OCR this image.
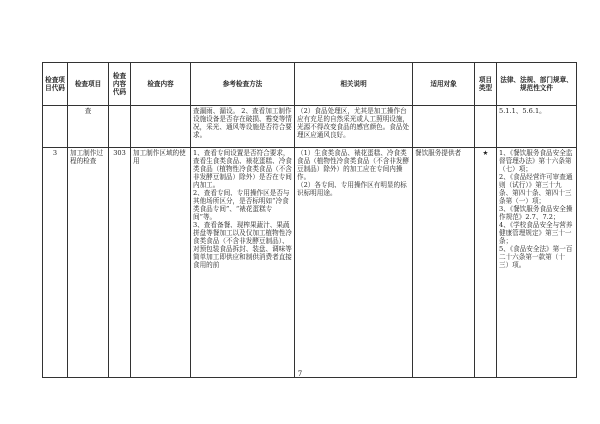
检查项目代码	检查项目	检查内容代码	检查内容	参考检查方法	相关说明	适用对象	项目类型	法律、法规、部门规章、规范性文件
	查			查漏雨、漏设。 2、查看加工制作设施设备是否存在破损、霉变等情况，采光、通风等设施是否符合要求。	（2）食品处理区，尤其是加工操作台应有充足的自然采光或人工照明设施，光源不得改变食品的感官颜色。食品处理区应通风良好。			5.1.1、5.6.1。
3	加工制作过程的检查	303	加工制作区域的使用	1、查看专间设置是否符合要求，查看生食类食品、裱花蛋糕、冷食类食品（植物性冷食类食品（不含非发酵豆制品）除外）是否在专间内加工。
2、查看专间、专用操作区是否与其他场所区分，是否标明如“冷食类食品专间”、“裱花蛋糕专间”等。
3、查看备餐、现榨果蔬汁、果蔬拼盘等餐加工以及仅加工植物性冷食类食品（不含非发酵豆制品）、对预包装食品拆封、装盘、调味等简单加工即供应和制供消费者直接食用的前	（1）生食类食品、裱花蛋糕、冷食类食品（植物性冷食类食品（不含非发酵豆制品）除外）的加工应在专间内操作。
（2）各专间、专用操作区有明显的标识标明用途。	餐饮服务提供者	★	1、《餐饮服务食品安全监督管理办法》第十六条第（七）项；
2、《食品经营许可审查通则（试行）》第三十九条、第四十条、第四十三条第（一）项；
3、《餐饮服务食品安全操作规范》2.7、7.2；
4、《学校食品安全与营养健康管理规定》第三十一条；
5、《食品安全法》第一百二十六条第一款第（十三）项。
7
